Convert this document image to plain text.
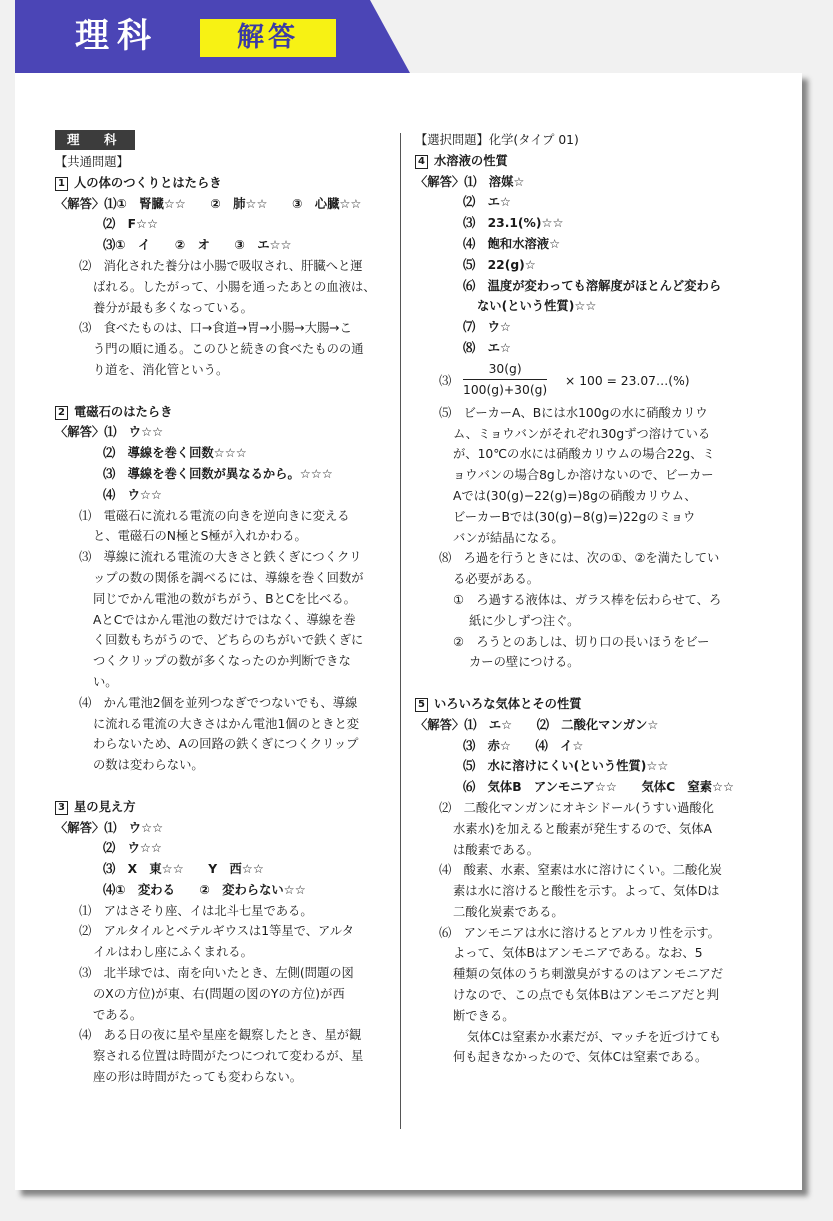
理科	解答
理　科
【共通問題】
1 人の体のつくりとはたらき
〈解答〉⑴①　腎臓☆☆　　②　肺☆☆　　③　心臓☆☆
⑵　F☆☆
⑶①　イ　　②　オ　　③　エ☆☆
⑵　消化された養分は小腸で吸収され、肝臓へと運
ばれる。したがって、小腸を通ったあとの血液は、
養分が最も多くなっている。
⑶　食べたものは、口→食道→胃→小腸→大腸→こ
う門の順に通る。このひと続きの食べたものの通
り道を、消化管という。
2 電磁石のはたらき
〈解答〉⑴　ウ☆☆
⑵　導線を巻く回数☆☆☆
⑶　導線を巻く回数が異なるから。☆☆☆
⑷　ウ☆☆
⑴　電磁石に流れる電流の向きを逆向きに変える
と、電磁石のN極とS極が入れかわる。
⑶　導線に流れる電流の大きさと鉄くぎにつくクリ
ップの数の関係を調べるには、導線を巻く回数が
同じでかん電池の数がちがう、BとCを比べる。
AとCではかん電池の数だけではなく、導線を巻
く回数もちがうので、どちらのちがいで鉄くぎに
つくクリップの数が多くなったのか判断できな
い。
⑷　かん電池2個を並列つなぎでつないでも、導線
に流れる電流の大きさはかん電池1個のときと変
わらないため、Aの回路の鉄くぎにつくクリップ
の数は変わらない。
3 星の見え方
〈解答〉⑴　ウ☆☆
⑵　ウ☆☆
⑶　X　東☆☆　　Y　西☆☆
⑷①　変わる　　②　変わらない☆☆
⑴　アはさそり座、イは北斗七星である。
⑵　アルタイルとベテルギウスは1等星で、アルタ
イルはわし座にふくまれる。
⑶　北半球では、南を向いたとき、左側(問題の図
のXの方位)が東、右(問題の図のYの方位)が西
である。
⑷　ある日の夜に星や星座を観察したとき、星が観
察される位置は時間がたつにつれて変わるが、星
座の形は時間がたっても変わらない。
【選択問題】化学(タイプ 01)
4 水溶液の性質
〈解答〉⑴　溶媒☆
⑵　エ☆
⑶　23.1(%)☆☆
⑷　飽和水溶液☆
⑸　22(g)☆
⑹　温度が変わっても溶解度がほとんど変わら
ない(という性質)☆☆
⑺　ウ☆
⑻　エ☆
⑶ $\frac{30(g)}{100(g)+30(g)} \times 100$ = 23.07…(%)
⑸　ビーカーA、Bには水100gの水に硝酸カリウ
ム、ミョウバンがそれぞれ30gずつ溶けている
が、10℃の水には硝酸カリウムの場合22g、ミ
ョウバンの場合8gしか溶けないので、ビーカー
Aでは(30(g)−22(g)=)8gの硝酸カリウム、
ビーカーBでは(30(g)−8(g)=)22gのミョウ
バンが結晶になる。
⑻　ろ過を行うときには、次の①、②を満たしてい
る必要がある。
①　ろ過する液体は、ガラス棒を伝わらせて、ろ
紙に少しずつ注ぐ。
②　ろうとのあしは、切り口の長いほうをビー
カーの壁につける。
5 いろいろな気体とその性質
〈解答〉⑴　エ☆　　⑵　二酸化マンガン☆
⑶　赤☆　　⑷　イ☆
⑸　水に溶けにくい(という性質)☆☆
⑹　気体B　アンモニア☆☆　　気体C　窒素☆☆
⑵　二酸化マンガンにオキシドール(うすい過酸化
水素水)を加えると酸素が発生するので、気体A
は酸素である。
⑷　酸素、水素、窒素は水に溶けにくい。二酸化炭
素は水に溶けると酸性を示す。よって、気体Dは
二酸化炭素である。
⑹　アンモニアは水に溶けるとアルカリ性を示す。
よって、気体Bはアンモニアである。なお、5
種類の気体のうち刺激臭がするのはアンモニアだ
けなので、この点でも気体Bはアンモニアだと判
断できる。
気体Cは窒素か水素だが、マッチを近づけても
何も起きなかったので、気体Cは窒素である。
